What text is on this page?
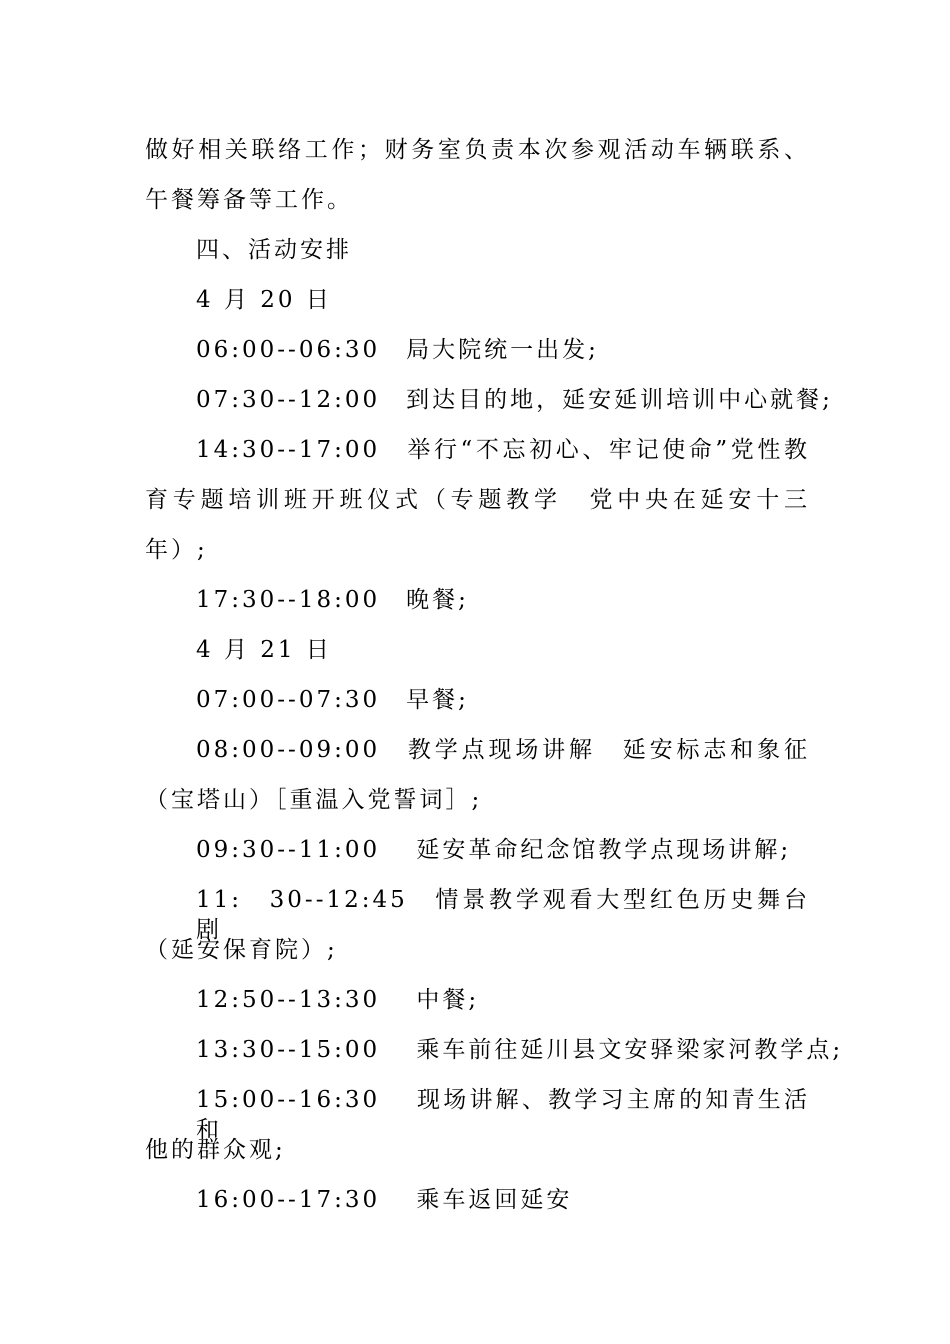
做好相关联络工作；财务室负责本次参观活动车辆联系、
午餐筹备等工作。
四、活动安排
4 月 20 日
06:00--06:30　局大院统一出发;
07:30--12:00　到达目的地，延安延训培训中心就餐;
14:30--17:00　举行“不忘初心、牢记使命”党性教
育专题培训班开班仪式（专题教学　党中央在延安十三
年）;
17:30--18:00　晚餐;
4 月 21 日
07:00--07:30　早餐;
08:00--09:00　教学点现场讲解　延安标志和象征
（宝塔山）［重温入党誓词］;
09:30--11:00　 延安革命纪念馆教学点现场讲解;
11:　30--12:45　情景教学观看大型红色历史舞台剧
（延安保育院）;
12:50--13:30　 中餐;
13:30--15:00　 乘车前往延川县文安驿梁家河教学点;
15:00--16:30　 现场讲解、教学习主席的知青生活和
他的群众观;
16:00--17:30　 乘车返回延安
